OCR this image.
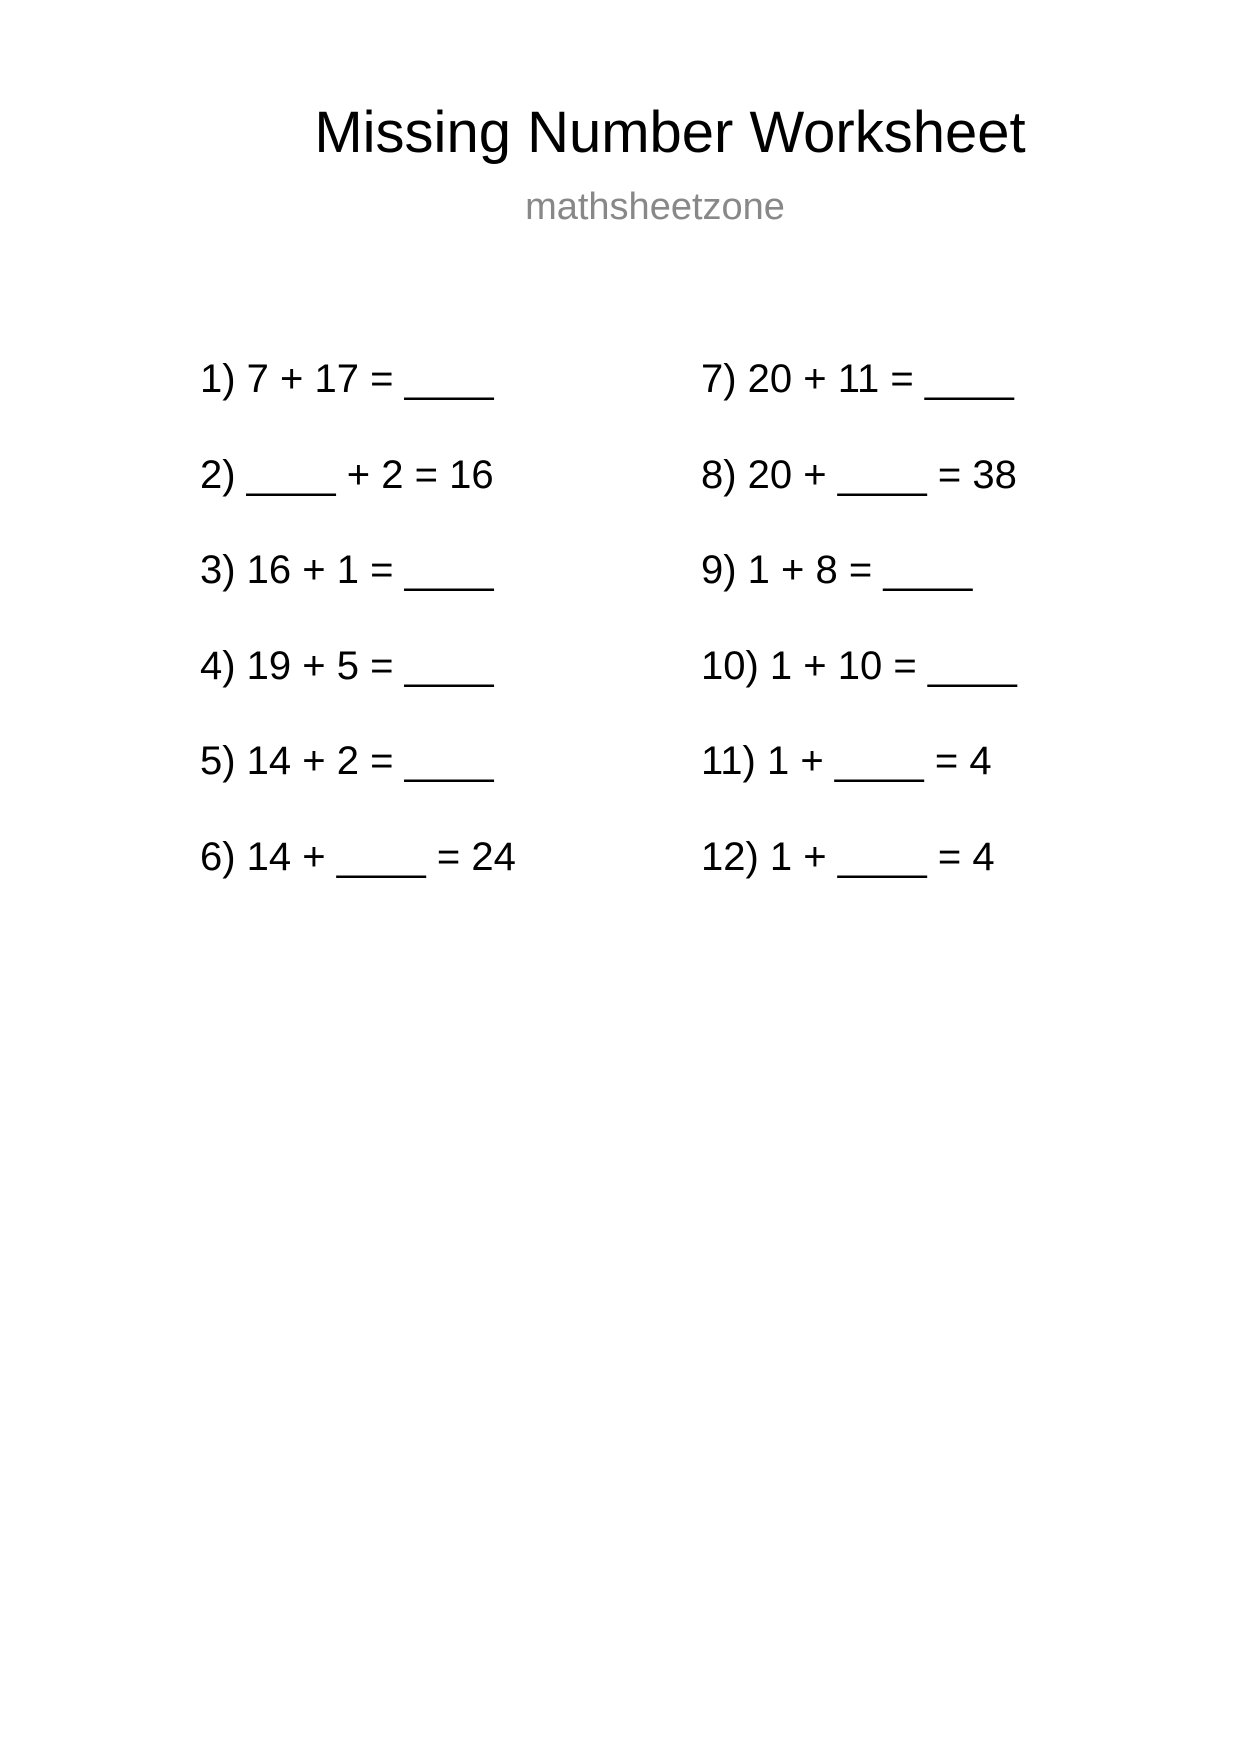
Missing Number Worksheet
mathsheetzone
1) 7 + 17 = ____
2) ____ + 2 = 16
3) 16 + 1 = ____
4) 19 + 5 = ____
5) 14 + 2 = ____
6) 14 + ____ = 24
7) 20 + 11 = ____
8) 20 + ____ = 38
9) 1 + 8 = ____
10) 1 + 10 = ____
11) 1 + ____ = 4
12) 1 + ____ = 4
